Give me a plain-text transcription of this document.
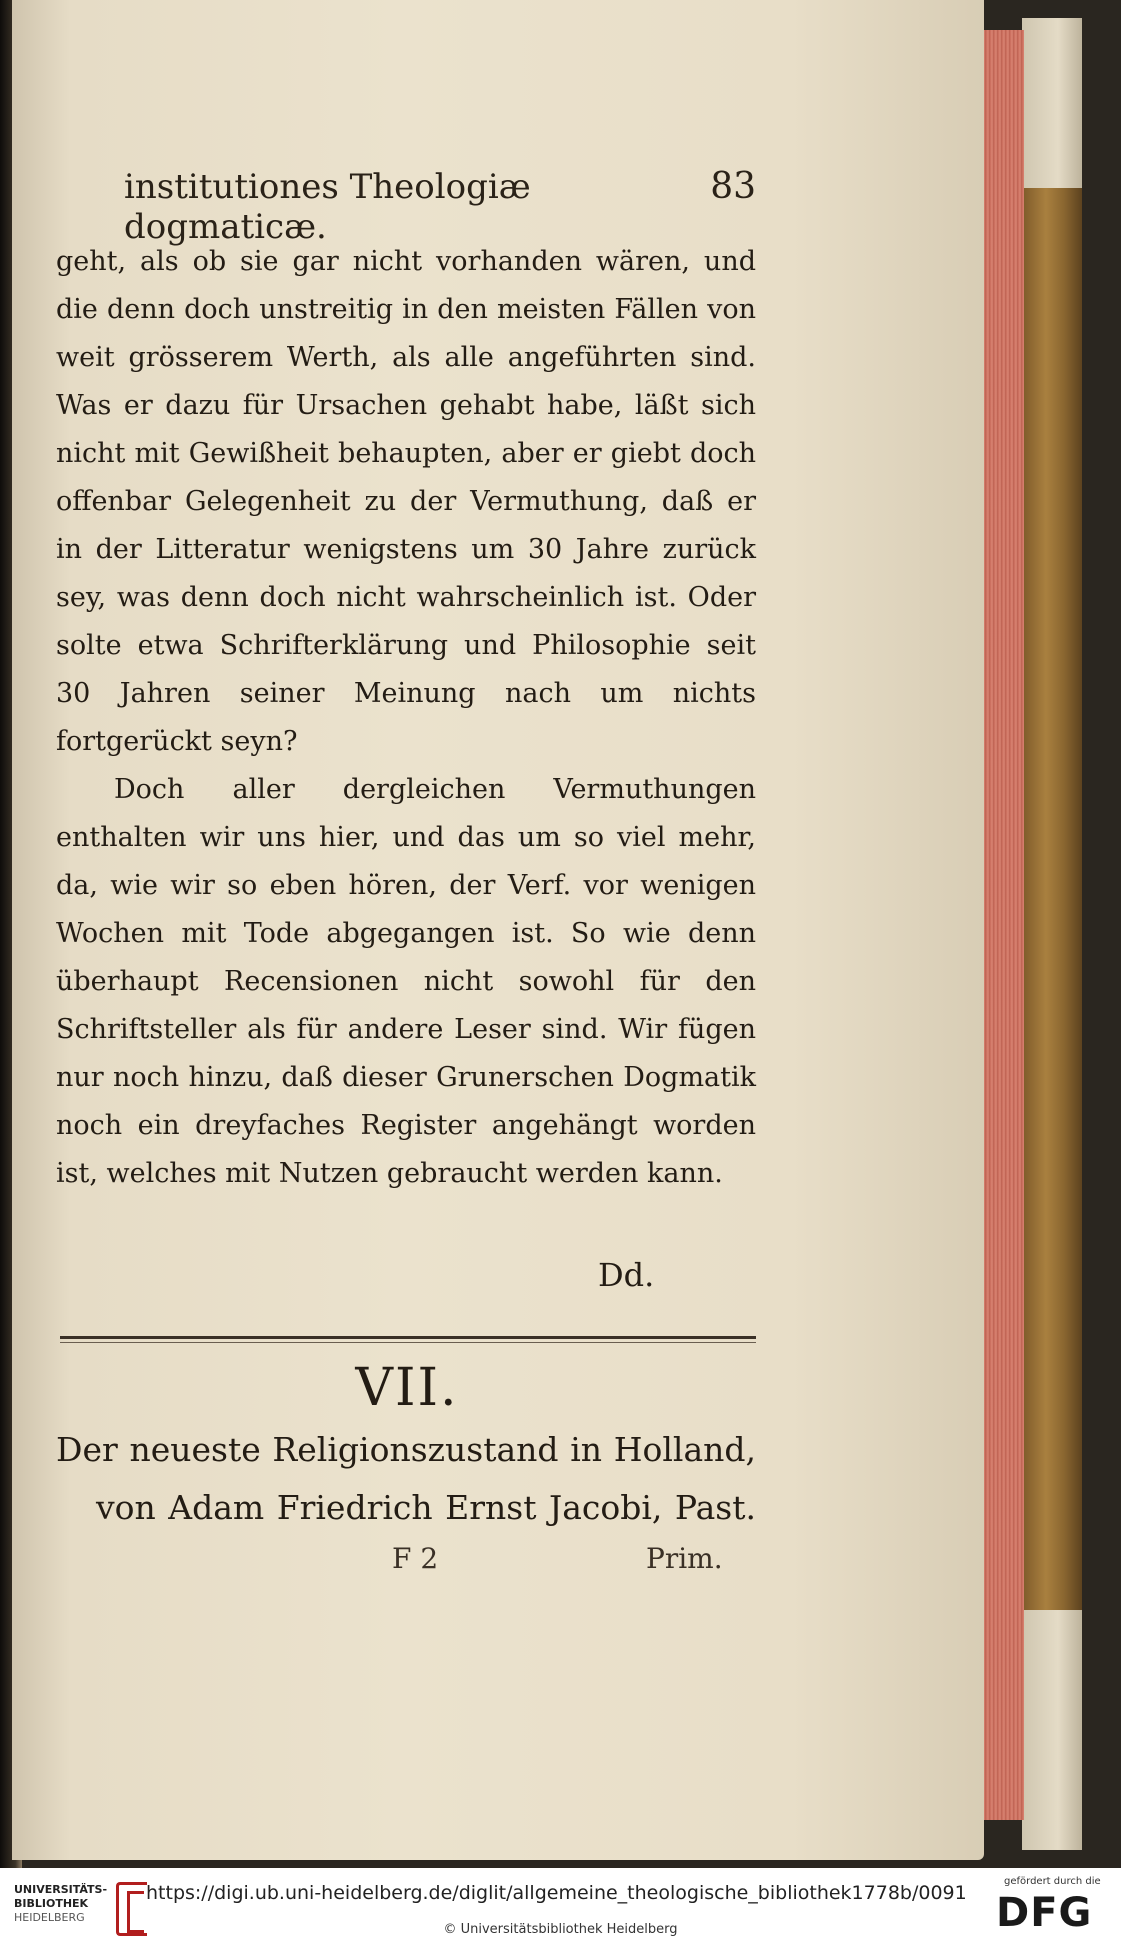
institutiones Theologiæ dogmaticæ.
83

geht, als ob sie gar nicht vorhanden wären, und die denn doch unstreitig in den meisten Fällen von weit grösserem Werth, als alle angeführten sind. Was er dazu für Ursachen gehabt habe, läßt sich nicht mit Gewißheit behaupten, aber er giebt doch offenbar Gelegenheit zu der Vermuthung, daß er in der Litteratur wenigstens um 30 Jahre zurück sey, was denn doch nicht wahrscheinlich ist. Oder solte etwa Schrifterklärung und Philosophie seit 30 Jahren seiner Meinung nach um nichts fortgerückt seyn?

Doch aller dergleichen Vermuthungen enthalten wir uns hier, und das um so viel mehr, da, wie wir so eben hören, der Verf. vor wenigen Wochen mit Tode abgegangen ist. So wie denn überhaupt Recensionen nicht sowohl für den Schriftsteller als für andere Leser sind. Wir fügen nur noch hinzu, daß dieser Grunerschen Dogmatik noch ein dreyfaches Register angehängt worden ist, welches mit Nutzen gebraucht werden kann.

Dd.
VII.
Der neueste Religionszustand in Holland,
von Adam Friedrich Ernst Jacobi, Past.
F 2	Prim.
UNIVERSITÄTS-
BIBLIOTHEK
HEIDELBERG
https://digi.ub.uni-heidelberg.de/diglit/allgemeine_theologische_bibliothek1778b/0091
© Universitätsbibliothek Heidelberg
gefördert durch die
DFG
